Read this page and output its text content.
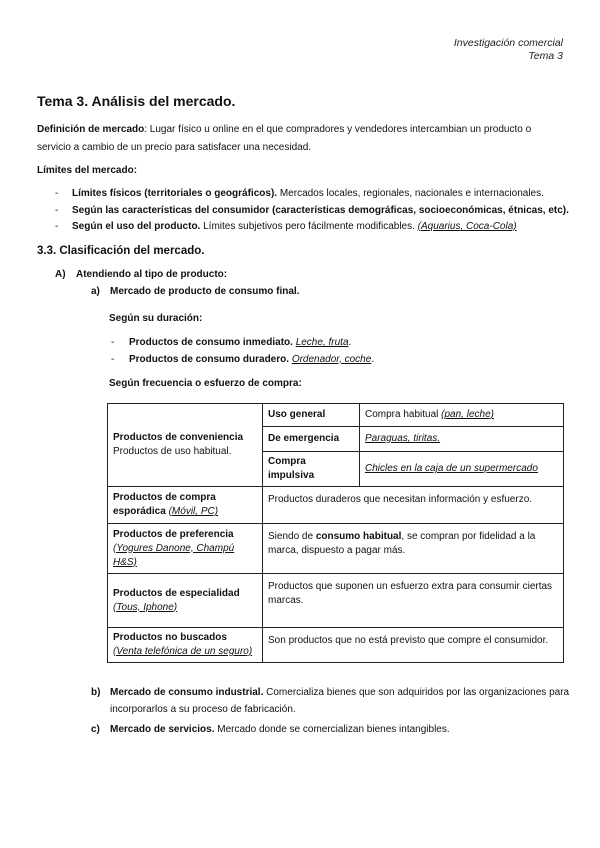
Investigación comercial
Tema 3
Tema 3. Análisis del mercado.
Definición de mercado: Lugar físico u online en el que compradores y vendedores intercambian un producto o
servicio a cambio de un precio para satisfacer una necesidad.
Límites del mercado:
- Límites físicos (territoriales o geográficos). Mercados locales, regionales, nacionales e internacionales.
- Según las características del consumidor (características demográficas, socioeconómicas, étnicas, etc).
- Según el uso del producto. Límites subjetivos pero fácilmente modificables. (Aquarius, Coca-Cola)
3.3. Clasificación del mercado.
A) Atendiendo al tipo de producto:
a) Mercado de producto de consumo final.
Según su duración:
- Productos de consumo inmediato. Leche, fruta.
- Productos de consumo duradero. Ordenador, coche.
Según frecuencia o esfuerzo de compra:
Productos de conveniencia
Productos de uso habitual.	Uso general	Compra habitual (pan, leche)
	De emergencia	Paraguas, tiritas.
	Compra impulsiva	Chicles en la caja de un supermercado
Productos de compra esporádica (Móvil, PC)	Productos duraderos que necesitan información y esfuerzo.	
Productos de preferencia
(Yogures Danone, Champú H&S)	Siendo de consumo habitual, se compran por fidelidad a la marca, dispuesto a pagar más.	
Productos de especialidad
(Tous, Iphone)	Productos que suponen un esfuerzo extra para consumir ciertas marcas.	
Productos no buscados
(Venta telefónica de un seguro)	Son productos que no está previsto que compre el consumidor.	
b) Mercado de consumo industrial. Comercializa bienes que son adquiridos por las organizaciones para
incorporarlos a su proceso de fabricación.
c) Mercado de servicios. Mercado donde se comercializan bienes intangibles.
